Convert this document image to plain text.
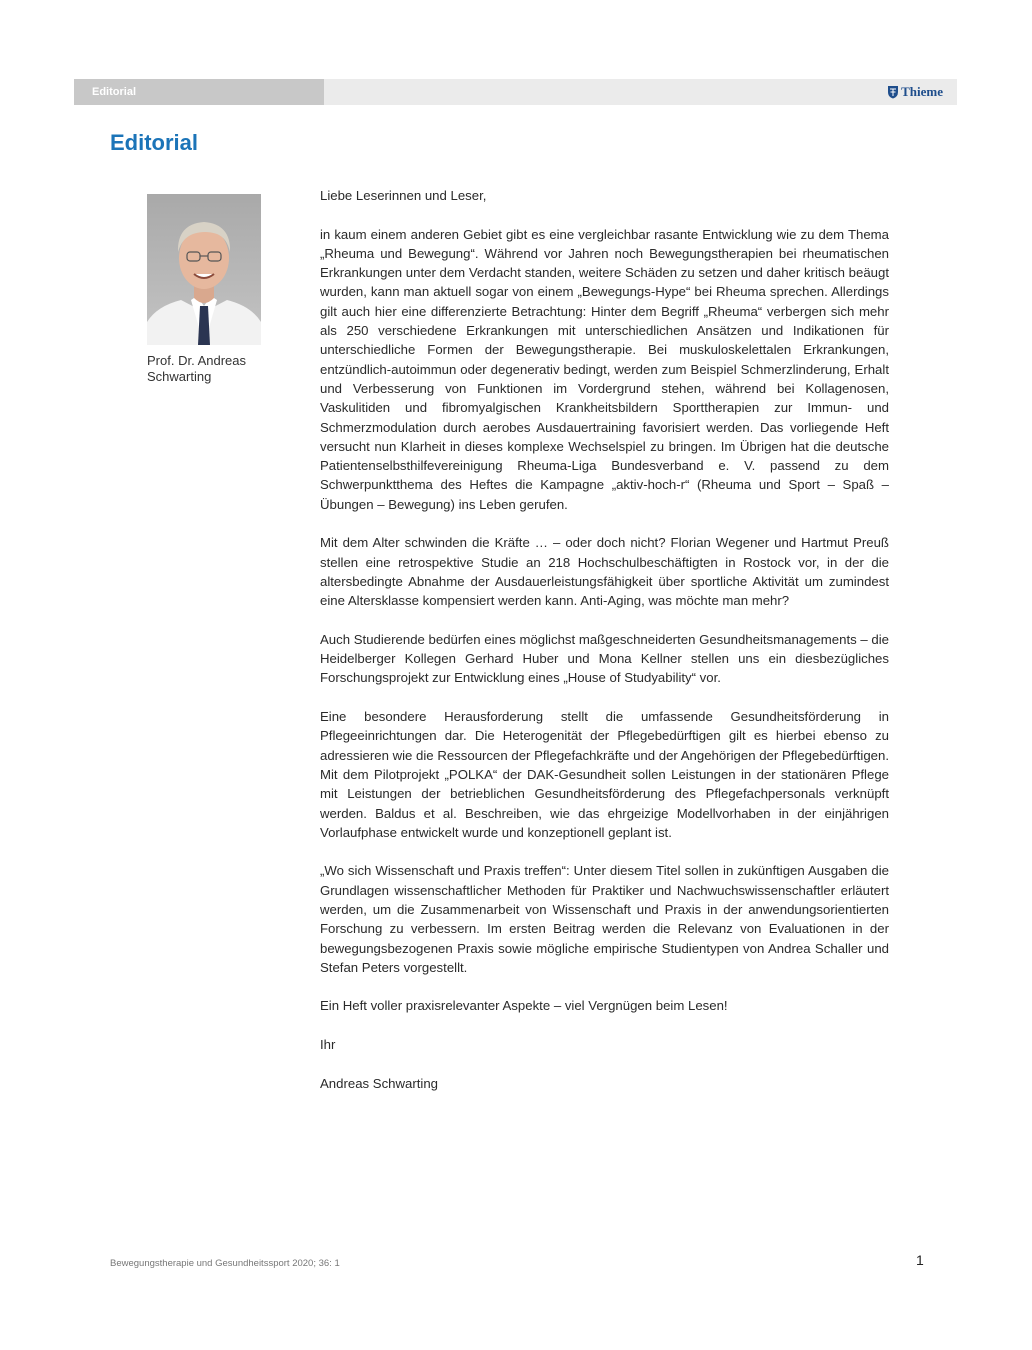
Editorial	Thieme
Editorial
Prof. Dr. Andreas
Schwarting

Liebe Leserinnen und Leser,

in kaum einem anderen Gebiet gibt es eine vergleichbar rasante Entwicklung wie zu dem Thema „Rheuma und Bewegung“. Während vor Jahren noch Bewegungstherapien bei rheumatischen Erkrankungen unter dem Verdacht standen, weitere Schäden zu setzen und daher kritisch beäugt wurden, kann man aktuell sogar von einem „Bewegungs-Hype“ bei Rheuma sprechen. Allerdings gilt auch hier eine differenzierte Betrachtung: Hinter dem Begriff „Rheuma“ verbergen sich mehr als 250 verschiedene Erkrankungen mit unterschiedlichen Ansätzen und Indikationen für unterschiedliche Formen der Bewegungstherapie. Bei muskuloskelettalen Erkrankungen, entzündlich-autoimmun oder degenerativ bedingt, werden zum Beispiel Schmerzlinderung, Erhalt und Verbesserung von Funktionen im Vordergrund stehen, während bei Kollagenosen, Vaskulitiden und fibromyalgischen Krankheitsbildern Sporttherapien zur Immun- und Schmerzmodulation durch aerobes Ausdauertraining favorisiert werden. Das vorliegende Heft versucht nun Klarheit in dieses komplexe Wechselspiel zu bringen. Im Übrigen hat die deutsche Patientenselbsthilfevereinigung Rheuma-Liga Bundesverband e. V. passend zu dem Schwerpunktthema des Heftes die Kampagne „aktiv-hoch-r“ (Rheuma und Sport – Spaß – Übungen – Bewegung) ins Leben gerufen.

Mit dem Alter schwinden die Kräfte … – oder doch nicht? Florian Wegener und Hartmut Preuß stellen eine retrospektive Studie an 218 Hochschulbeschäftigten in Rostock vor, in der die altersbedingte Abnahme der Ausdauerleistungsfähigkeit über sportliche Aktivität um zumindest eine Altersklasse kompensiert werden kann. Anti-Aging, was möchte man mehr?

Auch Studierende bedürfen eines möglichst maßgeschneiderten Gesundheitsmanagements – die Heidelberger Kollegen Gerhard Huber und Mona Kellner stellen uns ein diesbezügliches Forschungsprojekt zur Entwicklung eines „House of Studyability“ vor.

Eine besondere Herausforderung stellt die umfassende Gesundheitsförderung in Pflegeeinrichtungen dar. Die Heterogenität der Pflegebedürftigen gilt es hierbei ebenso zu adressieren wie die Ressourcen der Pflegefachkräfte und der Angehörigen der Pflegebedürftigen. Mit dem Pilotprojekt „POLKA“ der DAK-Gesundheit sollen Leistungen in der stationären Pflege mit Leistungen der betrieblichen Gesundheitsförderung des Pflegefachpersonals verknüpft werden. Baldus et al. Beschreiben, wie das ehrgeizige Modellvorhaben in der einjährigen Vorlaufphase entwickelt wurde und konzeptionell geplant ist.

„Wo sich Wissenschaft und Praxis treffen“: Unter diesem Titel sollen in zukünftigen Ausgaben die Grundlagen wissenschaftlicher Methoden für Praktiker und Nachwuchswissenschaftler erläutert werden, um die Zusammenarbeit von Wissenschaft und Praxis in der anwendungsorientierten Forschung zu verbessern. Im ersten Beitrag werden die Relevanz von Evaluationen in der bewegungsbezogenen Praxis sowie mögliche empirische Studientypen von Andrea Schaller und Stefan Peters vorgestellt.

Ein Heft voller praxisrelevanter Aspekte – viel Vergnügen beim Lesen!

Ihr

Andreas Schwarting

Bewegungstherapie und Gesundheitssport 2020; 36: 1	1
